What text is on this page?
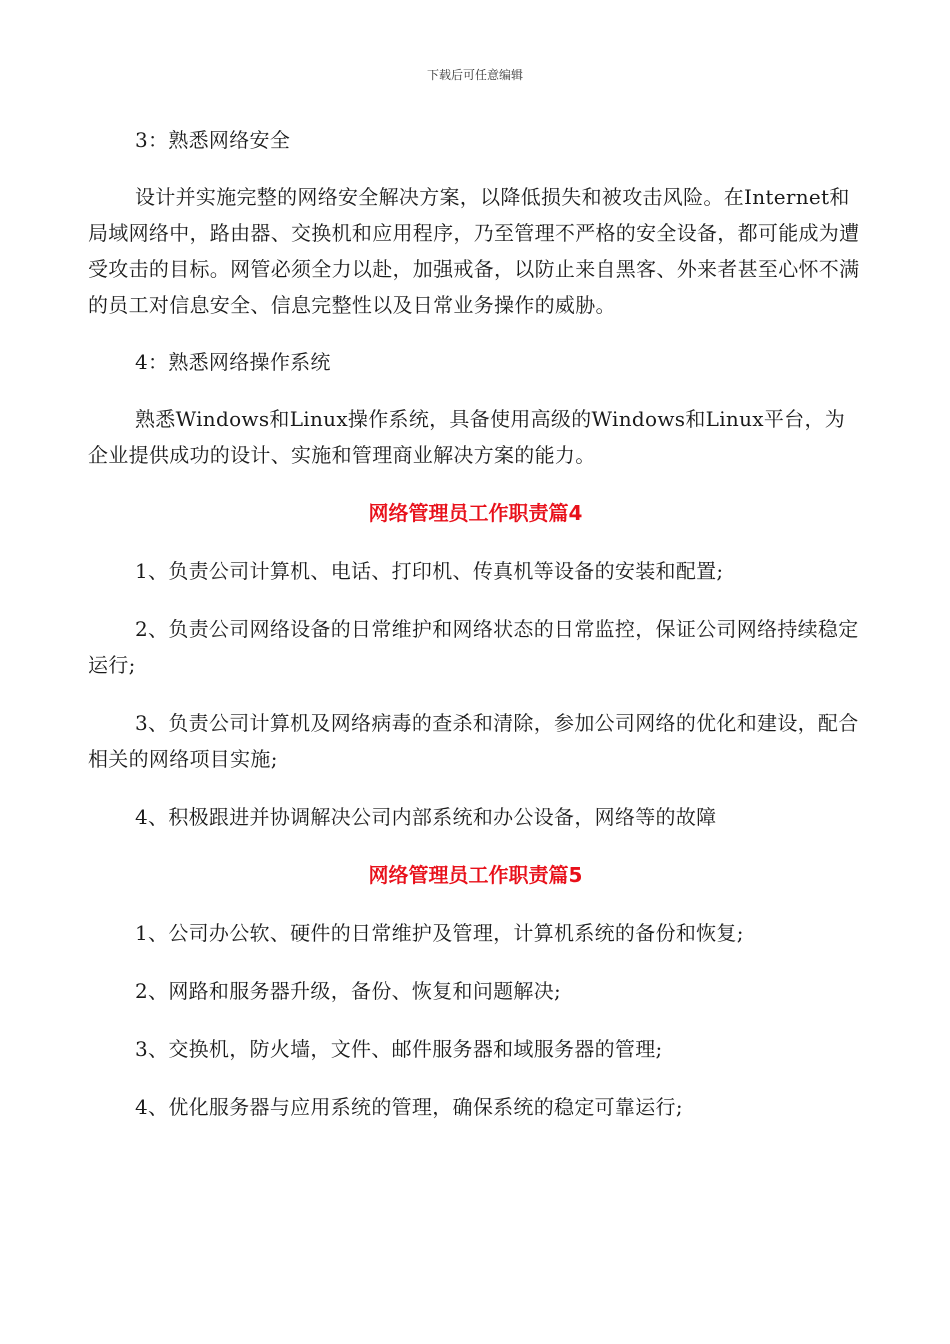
下载后可任意编辑

3：熟悉网络安全

设计并实施完整的网络安全解决方案，以降低损失和被攻击风险。在Internet和局域网络中，路由器、交换机和应用程序，乃至管理不严格的安全设备，都可能成为遭受攻击的目标。网管必须全力以赴，加强戒备，以防止来自黑客、外来者甚至心怀不满的员工对信息安全、信息完整性以及日常业务操作的威胁。

4：熟悉网络操作系统

熟悉Windows和Linux操作系统，具备使用高级的Windows和Linux平台，为企业提供成功的设计、实施和管理商业解决方案的能力。

网络管理员工作职责篇4

1、负责公司计算机、电话、打印机、传真机等设备的安装和配置;

2、负责公司网络设备的日常维护和网络状态的日常监控，保证公司网络持续稳定运行;

3、负责公司计算机及网络病毒的查杀和清除，参加公司网络的优化和建设，配合相关的网络项目实施;

4、积极跟进并协调解决公司内部系统和办公设备，网络等的故障

网络管理员工作职责篇5

1、公司办公软、硬件的日常维护及管理，计算机系统的备份和恢复;

2、网路和服务器升级，备份、恢复和问题解决;

3、交换机，防火墙，文件、邮件服务器和域服务器的管理;

4、优化服务器与应用系统的管理，确保系统的稳定可靠运行;
